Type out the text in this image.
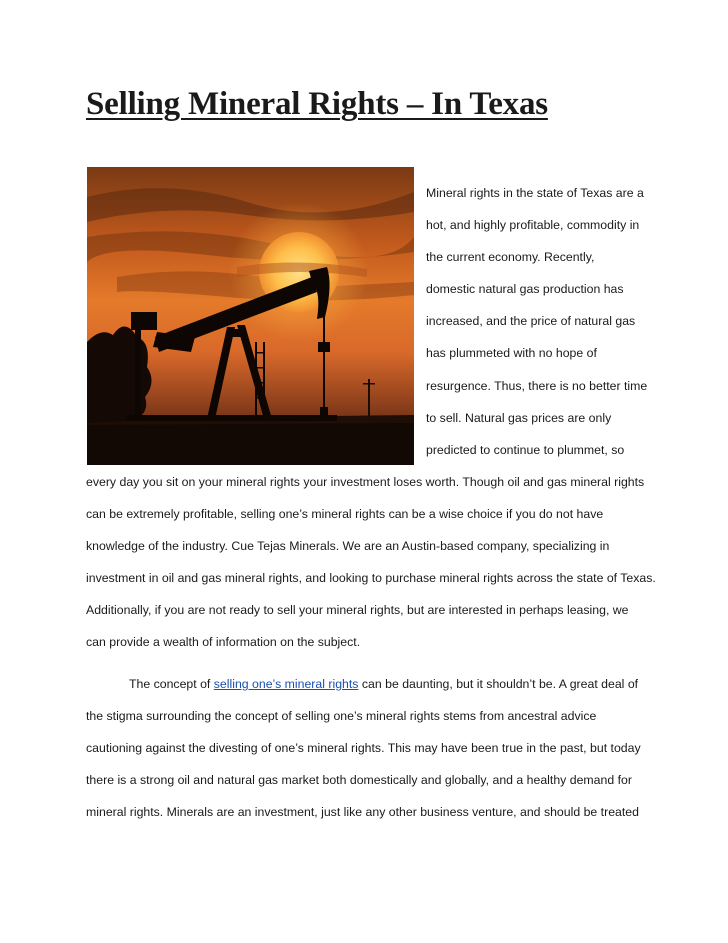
Selling Mineral Rights – In Texas
Mineral rights in the state of Texas are a
hot, and highly profitable, commodity in
the current economy. Recently,
domestic natural gas production has
increased, and the price of natural gas
has plummeted with no hope of
resurgence. Thus, there is no better time
to sell. Natural gas prices are only
predicted to continue to plummet, so
every day you sit on your mineral rights your investment loses worth. Though oil and gas mineral rights
can be extremely profitable, selling one’s mineral rights can be a wise choice if you do not have
knowledge of the industry. Cue Tejas Minerals. We are an Austin-based company, specializing in
investment in oil and gas mineral rights, and looking to purchase mineral rights across the state of Texas.
Additionally, if you are not ready to sell your mineral rights, but are interested in perhaps leasing, we
can provide a wealth of information on the subject.
The concept of selling one’s mineral rights can be daunting, but it shouldn’t be. A great deal of
the stigma surrounding the concept of selling one’s mineral rights stems from ancestral advice
cautioning against the divesting of one’s mineral rights. This may have been true in the past, but today
there is a strong oil and natural gas market both domestically and globally, and a healthy demand for
mineral rights. Minerals are an investment, just like any other business venture, and should be treated
